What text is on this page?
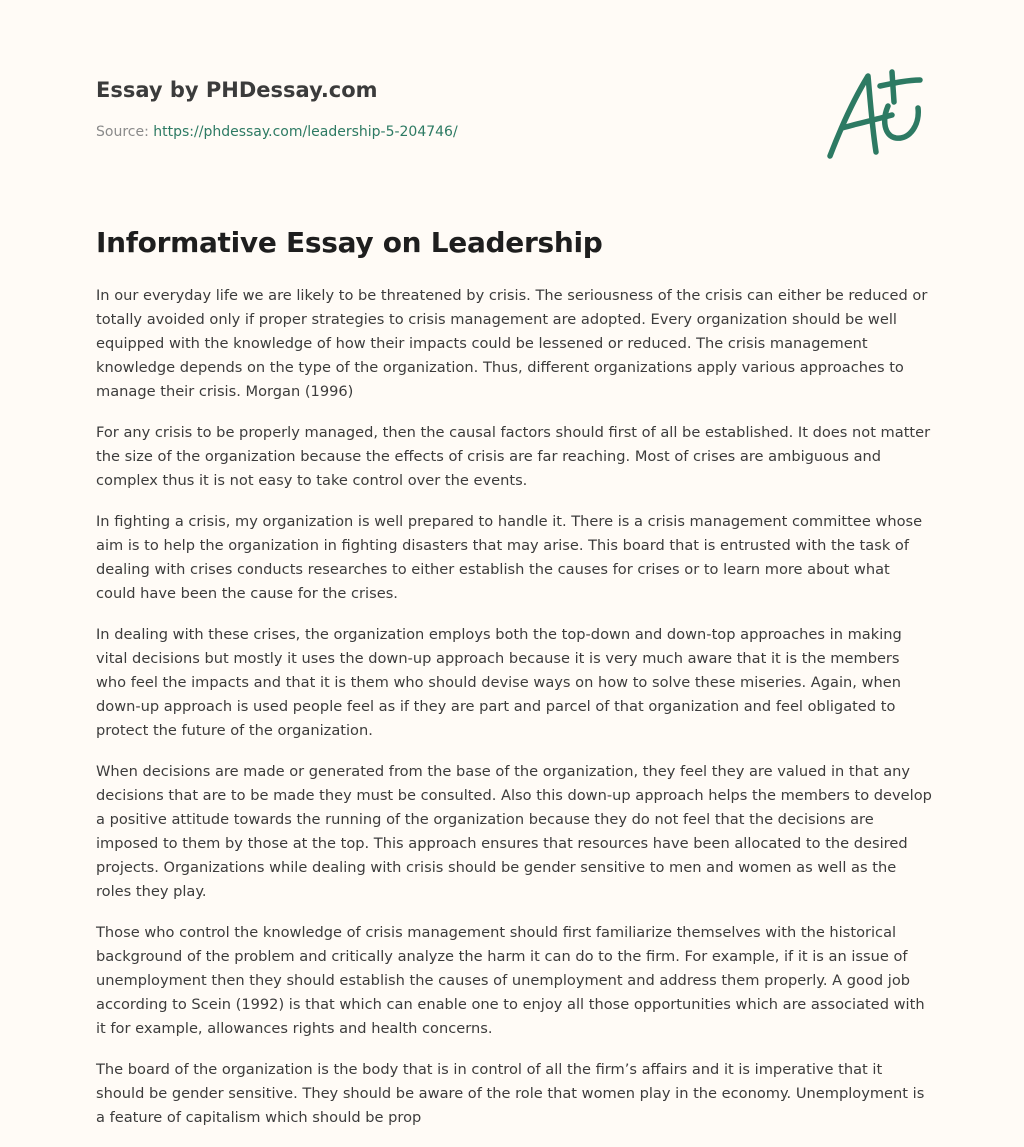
Essay by PHDessay.com
Source: https://phdessay.com/leadership-5-204746/
Informative Essay on Leadership

In our everyday life we are likely to be threatened by crisis. The seriousness of the crisis can either be reduced or totally avoided only if proper strategies to crisis management are adopted. Every organization should be well equipped with the knowledge of how their impacts could be lessened or reduced. The crisis management knowledge depends on the type of the organization. Thus, different organizations apply various approaches to manage their crisis. Morgan (1996)

For any crisis to be properly managed, then the causal factors should first of all be established. It does not matter the size of the organization because the effects of crisis are far reaching. Most of crises are ambiguous and complex thus it is not easy to take control over the events.

In fighting a crisis, my organization is well prepared to handle it. There is a crisis management committee whose aim is to help the organization in fighting disasters that may arise. This board that is entrusted with the task of dealing with crises conducts researches to either establish the causes for crises or to learn more about what could have been the cause for the crises.

In dealing with these crises, the organization employs both the top-down and down-top approaches in making vital decisions but mostly it uses the down-up approach because it is very much aware that it is the members who feel the impacts and that it is them who should devise ways on how to solve these miseries. Again, when down-up approach is used people feel as if they are part and parcel of that organization and feel obligated to protect the future of the organization.

When decisions are made or generated from the base of the organization, they feel they are valued in that any decisions that are to be made they must be consulted. Also this down-up approach helps the members to develop a positive attitude towards the running of the organization because they do not feel that the decisions are imposed to them by those at the top. This approach ensures that resources have been allocated to the desired projects. Organizations while dealing with crisis should be gender sensitive to men and women as well as the roles they play.

Those who control the knowledge of crisis management should first familiarize themselves with the historical background of the problem and critically analyze the harm it can do to the firm. For example, if it is an issue of unemployment then they should establish the causes of unemployment and address them properly. A good job according to Scein (1992) is that which can enable one to enjoy all those opportunities which are associated with it for example, allowances rights and health concerns.

The board of the organization is the body that is in control of all the firm’s affairs and it is imperative that it should be gender sensitive. They should be aware of the role that women play in the economy. Unemployment is a feature of capitalism which should be prop
